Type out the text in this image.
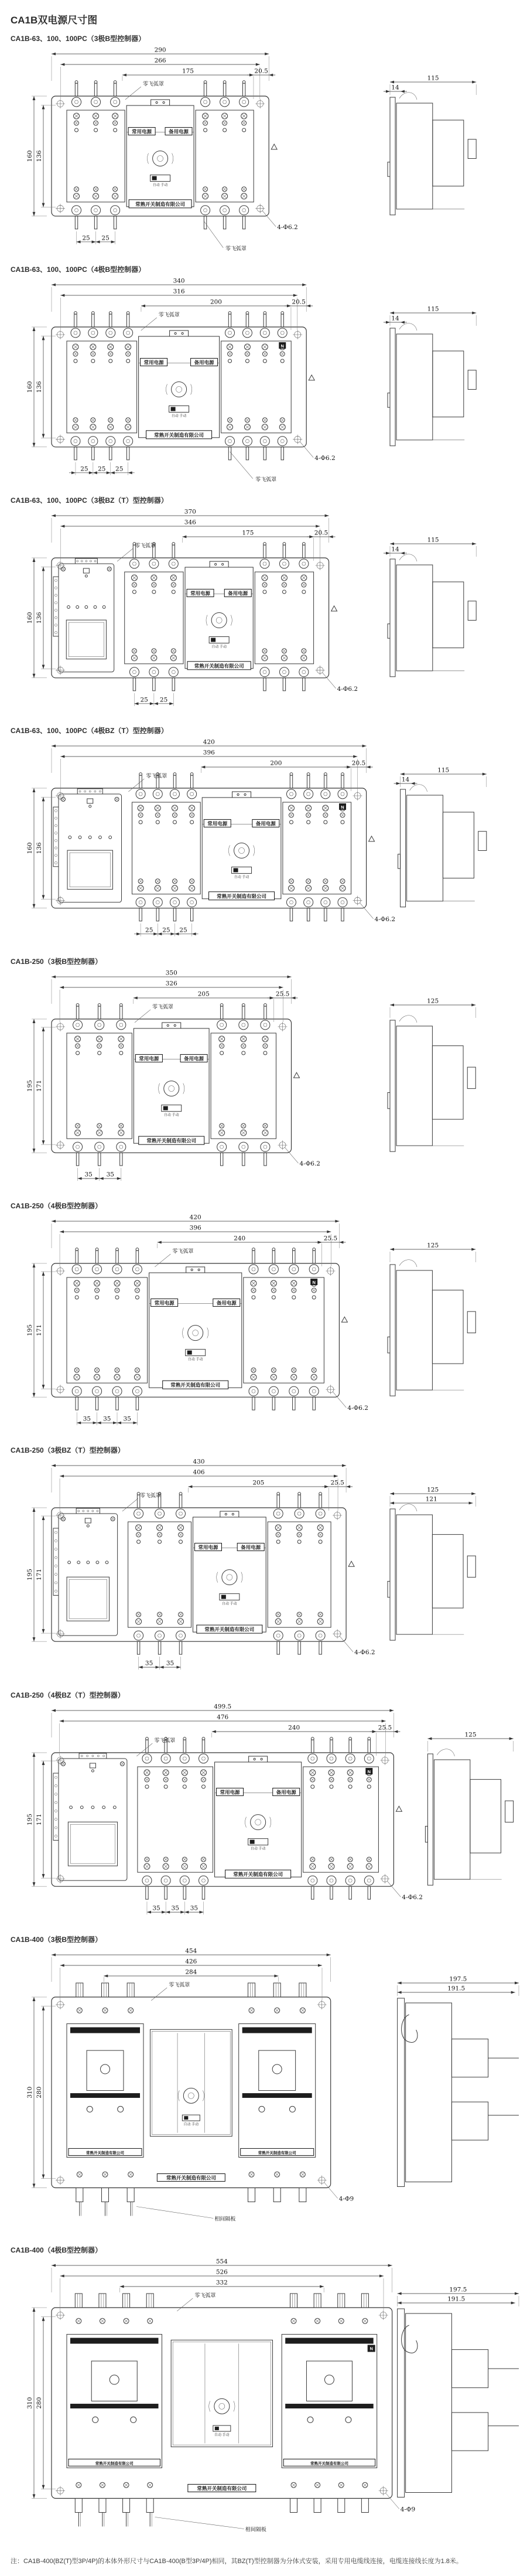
CA1B双电源尺寸图
CA1B-63、100、100PC（3极B型控制器）
常用电源	备用电源
自动 手动
常熟开关制造有限公司
290
266
175	20.5
160 136
25 25
4-Φ6.2
零飞弧罩
零飞弧罩
115
14
CA1B-63、100、100PC（4极B型控制器）
N
常用电源	备用电源
自动 手动
常熟开关制造有限公司
340
316
200	20.5
160 136
25 25 25
4-Φ6.2
零飞弧罩
零飞弧罩
115
14
CA1B-63、100、100PC（3极BZ（T）型控制器）
常用电源	备用电源
自动 手动
常熟开关制造有限公司
370
346
175	20.5
160 136
25 25
4-Φ6.2
零飞弧罩
115
14
CA1B-63、100、100PC（4极BZ（T）型控制器）
N
常用电源	备用电源
自动 手动
常熟开关制造有限公司
420
396
200	20.5
160 136
25 25 25
4-Φ6.2
零飞弧罩
115
14
CA1B-250（3极B型控制器）
常用电源	备用电源
自动 手动
常熟开关制造有限公司
350
326
205	25.5
195 171
35 35
4-Φ6.2
零飞弧罩
125
CA1B-250（4极B型控制器）
N
常用电源	备用电源
自动 手动
常熟开关制造有限公司
420
396
240	25.5
195 171
35 35 35
4-Φ6.2
零飞弧罩
125
CA1B-250（3极BZ（T）型控制器）
常用电源	备用电源
自动 手动
常熟开关制造有限公司
430
406
205	25.5
195 171
35 35
4-Φ6.2
零飞弧罩
125
121
CA1B-250（4极BZ（T）型控制器）
N
常用电源	备用电源
自动 手动
常熟开关制造有限公司
499.5
476
240	25.5
195 171
35 35 35
4-Φ6.2
零飞弧罩
125
CA1B-400（3极B型控制器）
常熟开关制造有限公司	常熟开关制造有限公司
自动 手动
常熟开关制造有限公司
相间隔板
454
426
284
310 280
4-Φ9
零飞弧罩
197.5
191.5
CA1B-400（4极B型控制器）
常熟开关制造有限公司	常熟开关制造有限公司
N
自动 手动
常熟开关制造有限公司
相间隔板
554
526
332
310 280
4-Φ9
零飞弧罩
197.5
191.5

注：CA1B-400(BZ(T)型3P/4P)的本体外形尺寸与CA1B-400(B型3P/4P)相同，其BZ(T)型控制器为分体式安装，采用专用电缆线连接，电缆连接线长度为1.8米。
